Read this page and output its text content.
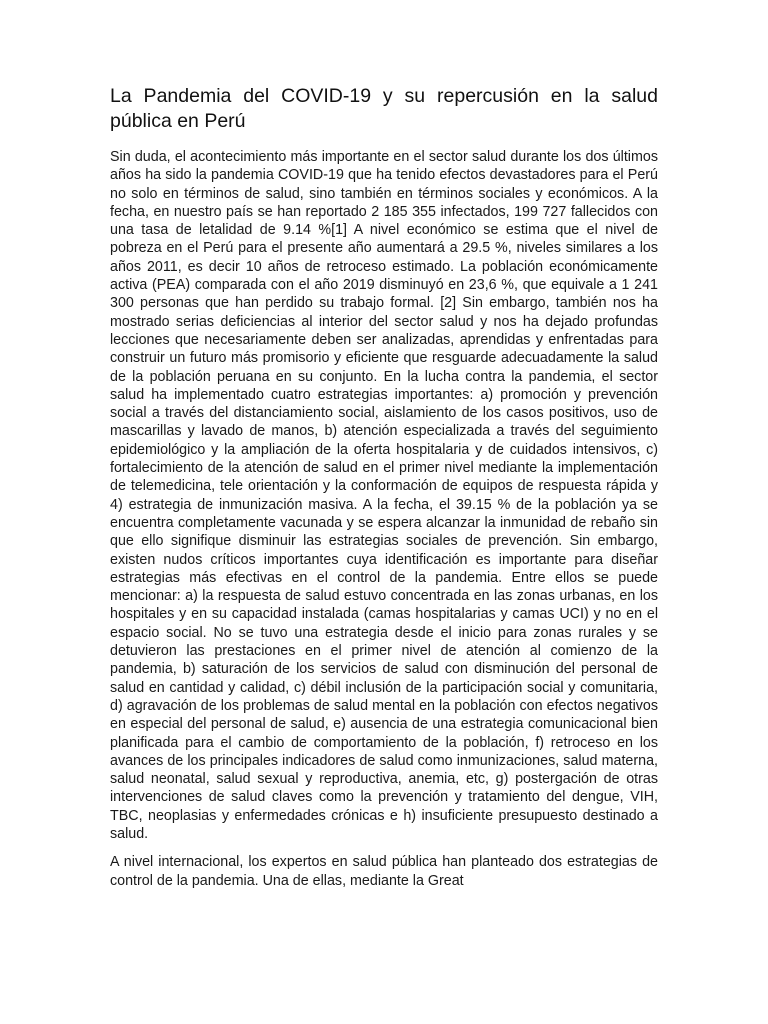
La Pandemia del COVID-19 y su repercusión en la salud pública en Perú

Sin duda, el acontecimiento más importante en el sector salud durante los dos últimos años ha sido la pandemia COVID-19 que ha tenido efectos devastadores para el Perú no solo en términos de salud, sino también en términos sociales y económicos. A la fecha, en nuestro país se han reportado 2 185 355 infectados, 199 727 fallecidos con una tasa de letalidad de 9.14 %[1] A nivel económico se estima que el nivel de pobreza en el Perú para el presente año aumentará a 29.5 %, niveles similares a los años 2011, es decir 10 años de retroceso estimado. La población económicamente activa (PEA) comparada con el año 2019 disminuyó en 23,6 %, que equivale a 1 241 300 personas que han perdido su trabajo formal. [2] Sin embargo, también nos ha mostrado serias deficiencias al interior del sector salud y nos ha dejado profundas lecciones que necesariamente deben ser analizadas, aprendidas y enfrentadas para construir un futuro más promisorio y eficiente que resguarde adecuadamente la salud de la población peruana en su conjunto. En la lucha contra la pandemia, el sector salud ha implementado cuatro estrategias importantes: a) promoción y prevención social a través del distanciamiento social, aislamiento de los casos positivos, uso de mascarillas y lavado de manos, b) atención especializada a través del seguimiento epidemiológico y la ampliación de la oferta hospitalaria y de cuidados intensivos, c) fortalecimiento de la atención de salud en el primer nivel mediante la implementación de telemedicina, tele orientación y la conformación de equipos de respuesta rápida y 4) estrategia de inmunización masiva. A la fecha, el 39.15 % de la población ya se encuentra completamente vacunada y se espera alcanzar la inmunidad de rebaño sin que ello signifique disminuir las estrategias sociales de prevención. Sin embargo, existen nudos críticos importantes cuya identificación es importante para diseñar estrategias más efectivas en el control de la pandemia. Entre ellos se puede mencionar: a) la respuesta de salud estuvo concentrada en las zonas urbanas, en los hospitales y en su capacidad instalada (camas hospitalarias y camas UCI) y no en el espacio social. No se tuvo una estrategia desde el inicio para zonas rurales y se detuvieron las prestaciones en el primer nivel de atención al comienzo de la pandemia, b) saturación de los servicios de salud con disminución del personal de salud en cantidad y calidad, c) débil inclusión de la participación social y comunitaria, d) agravación de los problemas de salud mental en la población con efectos negativos en especial del personal de salud, e) ausencia de una estrategia comunicacional bien planificada para el cambio de comportamiento de la población, f) retroceso en los avances de los principales indicadores de salud como inmunizaciones, salud materna, salud neonatal, salud sexual y reproductiva, anemia, etc, g) postergación de otras intervenciones de salud claves como la prevención y tratamiento del dengue, VIH, TBC, neoplasias y enfermedades crónicas e h) insuficiente presupuesto destinado a salud.

A nivel internacional, los expertos en salud pública han planteado dos estrategias de control de la pandemia. Una de ellas, mediante la Great
